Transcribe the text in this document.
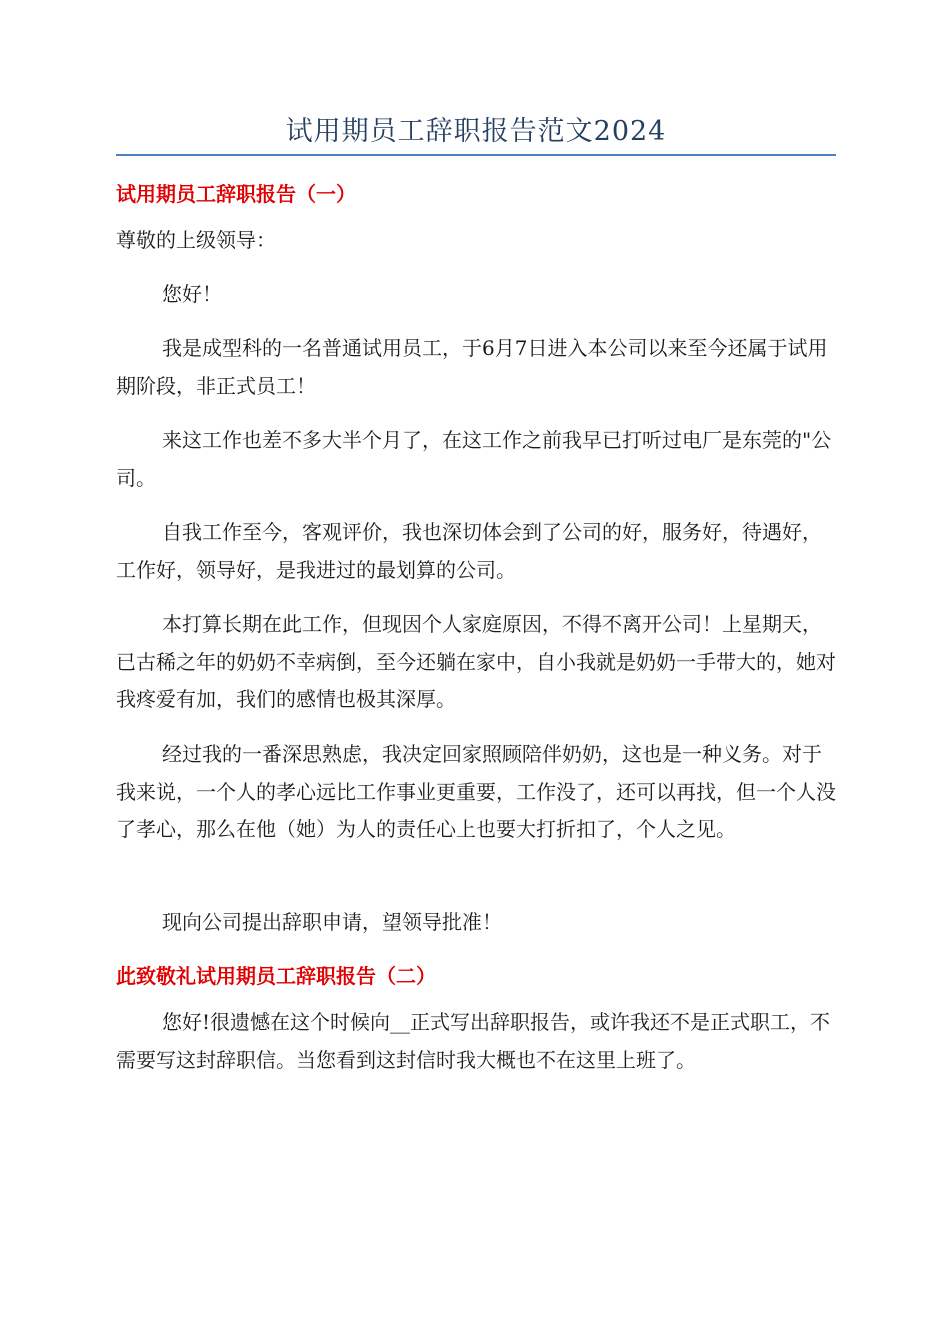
试用期员工辞职报告范文2024
试用期员工辞职报告（一）

尊敬的上级领导：

您好！

我是成型科的一名普通试用员工，于6月7日进入本公司以来至今还属于试用期阶段，非正式员工！

来这工作也差不多大半个月了，在这工作之前我早已打听过电厂是东莞的"公司。

自我工作至今，客观评价，我也深切体会到了公司的好，服务好，待遇好，工作好，领导好，是我进过的最划算的公司。

本打算长期在此工作，但现因个人家庭原因，不得不离开公司！上星期天，已古稀之年的奶奶不幸病倒，至今还躺在家中，自小我就是奶奶一手带大的，她对我疼爱有加，我们的感情也极其深厚。

经过我的一番深思熟虑，我决定回家照顾陪伴奶奶，这也是一种义务。对于我来说，一个人的孝心远比工作事业更重要，工作没了，还可以再找，但一个人没了孝心，那么在他（她）为人的责任心上也要大打折扣了，个人之见。

现向公司提出辞职申请，望领导批准！

此致敬礼试用期员工辞职报告（二）

您好!很遗憾在这个时候向__正式写出辞职报告，或许我还不是正式职工，不需要写这封辞职信。当您看到这封信时我大概也不在这里上班了。
